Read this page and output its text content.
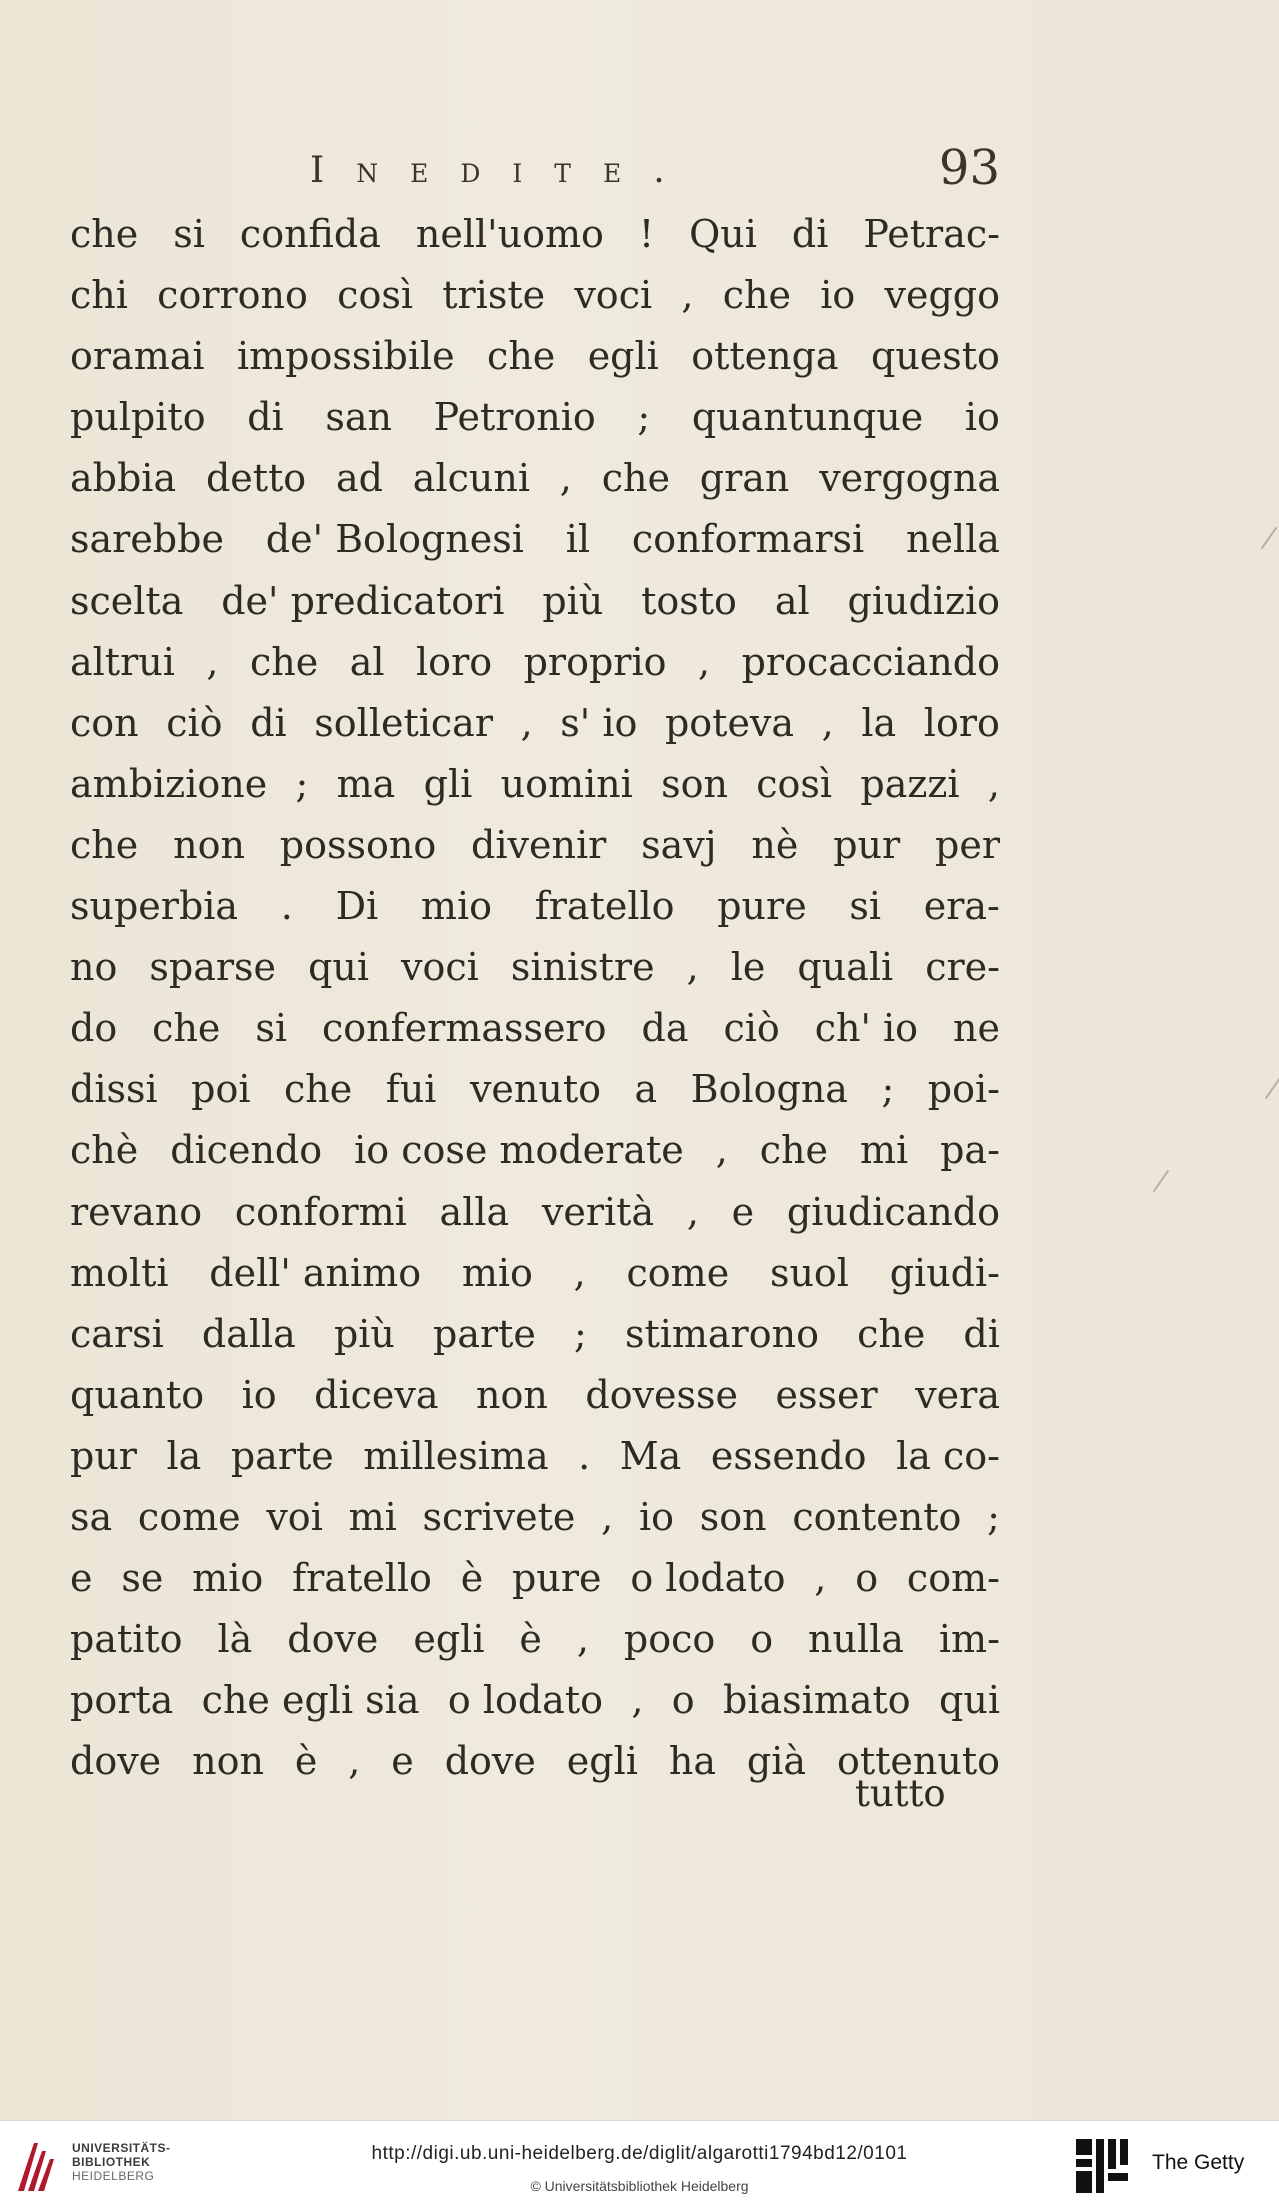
Inedite.	93
che si confida nell'uomo ! Qui di Petrac-
chi corrono così triste voci , che io veggo
oramai impossibile che egli ottenga questo
pulpito di san Petronio ; quantunque io
abbia detto ad alcuni , che gran vergogna
sarebbe de' Bolognesi il conformarsi nella
scelta de' predicatori più tosto al giudizio
altrui , che al loro proprio , procacciando
con ciò di solleticar , s' io poteva , la loro
ambizione ; ma gli uomini son così pazzi ,
che non possono divenir savj nè pur per
superbia . Di mio fratello pure si era-
no sparse qui voci sinistre , le quali cre-
do che si confermassero da ciò ch' io ne
dissi poi che fui venuto a Bologna ; poi-
chè dicendo io cose moderate , che mi pa-
revano conformi alla verità , e giudicando
molti dell' animo mio , come suol giudi-
carsi dalla più parte ; stimarono che di
quanto io diceva non dovesse esser vera
pur la parte millesima . Ma essendo la co-
sa come voi mi scrivete , io son contento ;
e se mio fratello è pure o lodato , o com-
patito là dove egli è , poco o nulla im-
porta che egli sia o lodato , o biasimato qui
dove non è , e dove egli ha già ottenuto
tutto
UNIVERSITÄTS-
BIBLIOTHEK
HEIDELBERG
http://digi.ub.uni-heidelberg.de/diglit/algarotti1794bd12/0101
© Universitätsbibliothek Heidelberg
The Getty
